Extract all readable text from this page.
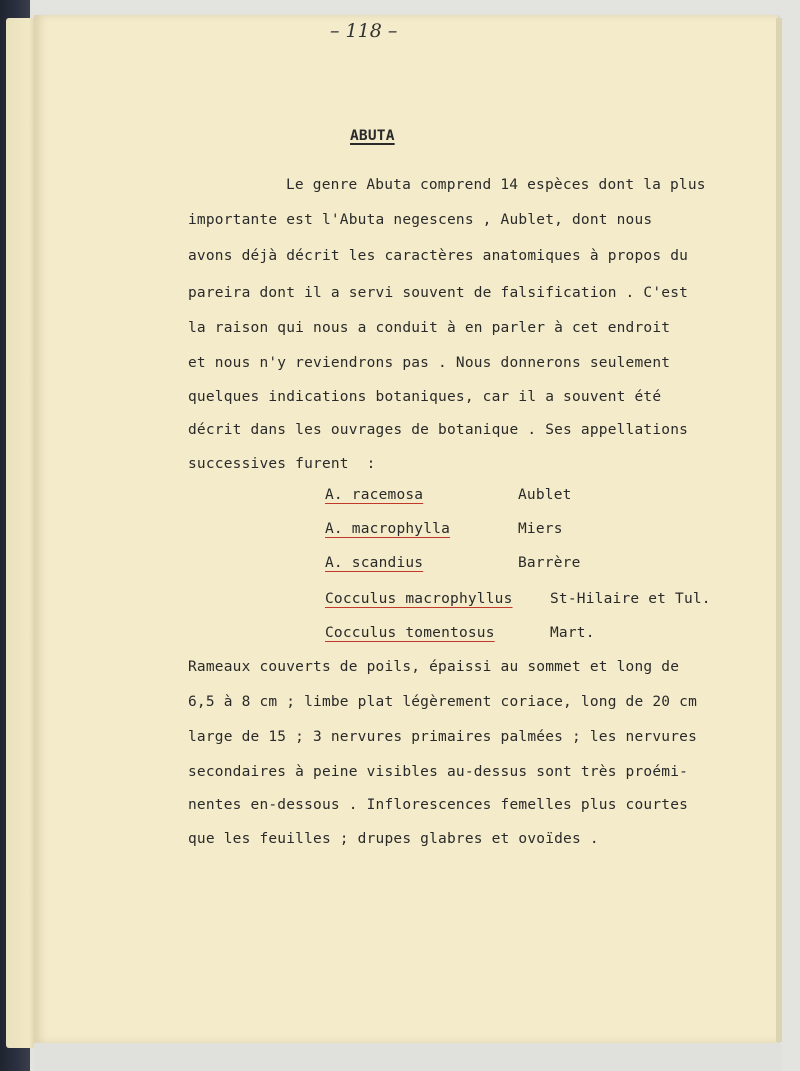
– 118 –
ABUTA
Le genre Abuta comprend 14 espèces dont la plus
importante est l'Abuta negescens , Aublet, dont nous
avons déjà décrit les caractères anatomiques à propos du
pareira dont il a servi souvent de falsification . C'est
la raison qui nous a conduit à en parler à cet endroit
et nous n'y reviendrons pas . Nous donnerons seulement
quelques indications botaniques, car il a souvent été
décrit dans les ouvrages de botanique . Ses appellations
successives furent  :
A. racemosa	Aublet
A. macrophylla	Miers
A. scandius	Barrère
Cocculus macrophyllus	St-Hilaire et Tul.
Cocculus tomentosus	Mart.
Rameaux couverts de poils, épaissi au sommet et long de
6,5 à 8 cm ; limbe plat légèrement coriace, long de 20 cm
large de 15 ; 3 nervures primaires palmées ; les nervures
secondaires à peine visibles au-dessus sont très proémi-
nentes en-dessous . Inflorescences femelles plus courtes
que les feuilles ; drupes glabres et ovoïdes .
